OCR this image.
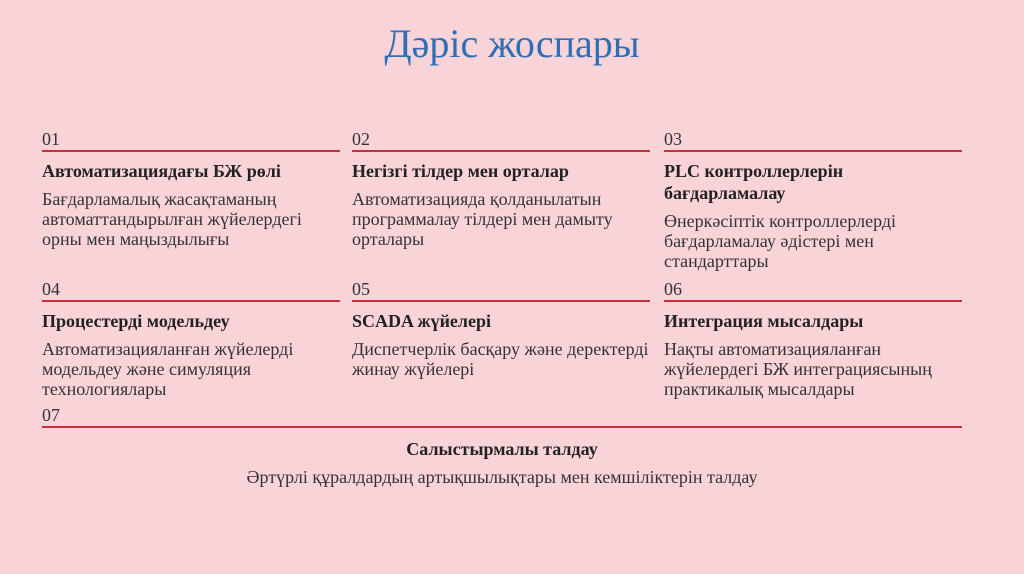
Дәріс жоспары
01
Автоматизациядағы БЖ рөлі
Бағдарламалық жасақтаманың автоматтандырылған жүйелердегі орны мен маңыздылығы
02
Негізгі тілдер мен орталар
Автоматизацияда қолданылатын программалау тілдері мен дамыту орталары
03
PLC контроллерлерін бағдарламалау
Өнеркәсіптік контроллерлерді бағдарламалау әдістері мен стандарттары
04
Процестерді модельдеу
Автоматизацияланған жүйелерді модельдеу және симуляция технологиялары
05
SCADA жүйелері
Диспетчерлік басқару және деректерді жинау жүйелері
06
Интеграция мысалдары
Нақты автоматизацияланған жүйелердегі БЖ интеграциясының практикалық мысалдары
07
Салыстырмалы талдау
Әртүрлі құралдардың артықшылықтары мен кемшіліктерін талдау
